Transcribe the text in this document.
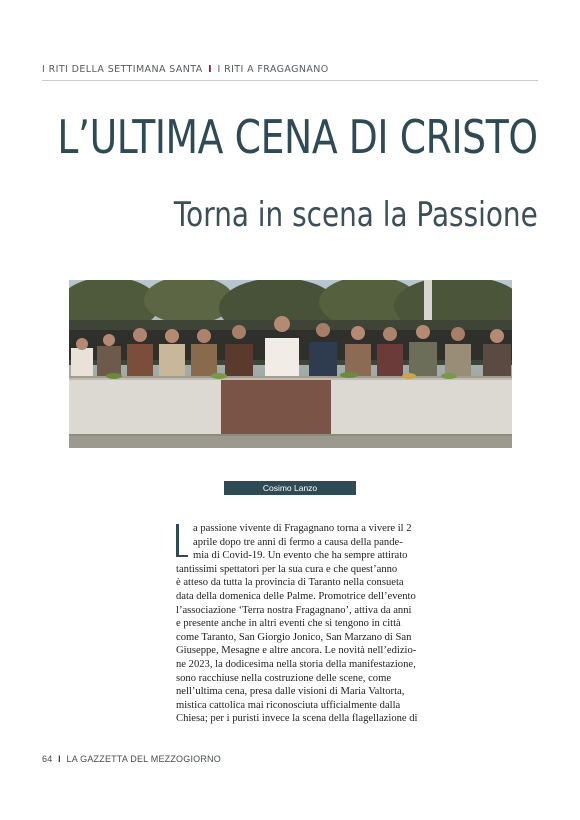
I RITI DELLA SETTIMANA SANTA I I RITI A FRAGAGNANO
L’ULTIMA CENA DI CRISTO
Torna in scena la Passione
Cosimo Lanzo
a passione vivente di Fragagnano torna a vivere il 2
aprile dopo tre anni di fermo a causa della pande-
mia di Covid-19. Un evento che ha sempre attirato
tantissimi spettatori per la sua cura e che quest’anno
è atteso da tutta la provincia di Taranto nella consueta
data della domenica delle Palme. Promotrice dell’evento
l’associazione ‘Terra nostra Fragagnano’, attiva da anni
e presente anche in altri eventi che si tengono in città
come Taranto, San Giorgio Jonico, San Marzano di San
Giuseppe, Mesagne e altre ancora. Le novità nell’edizio-
ne 2023, la dodicesima nella storia della manifestazione,
sono racchiuse nella costruzione delle scene, come
nell’ultima cena, presa dalle visioni di Maria Valtorta,
mistica cattolica mai riconosciuta ufficialmente dalla
Chiesa; per i puristi invece la scena della flagellazione di
64 I LA GAZZETTA DEL MEZZOGIORNO
